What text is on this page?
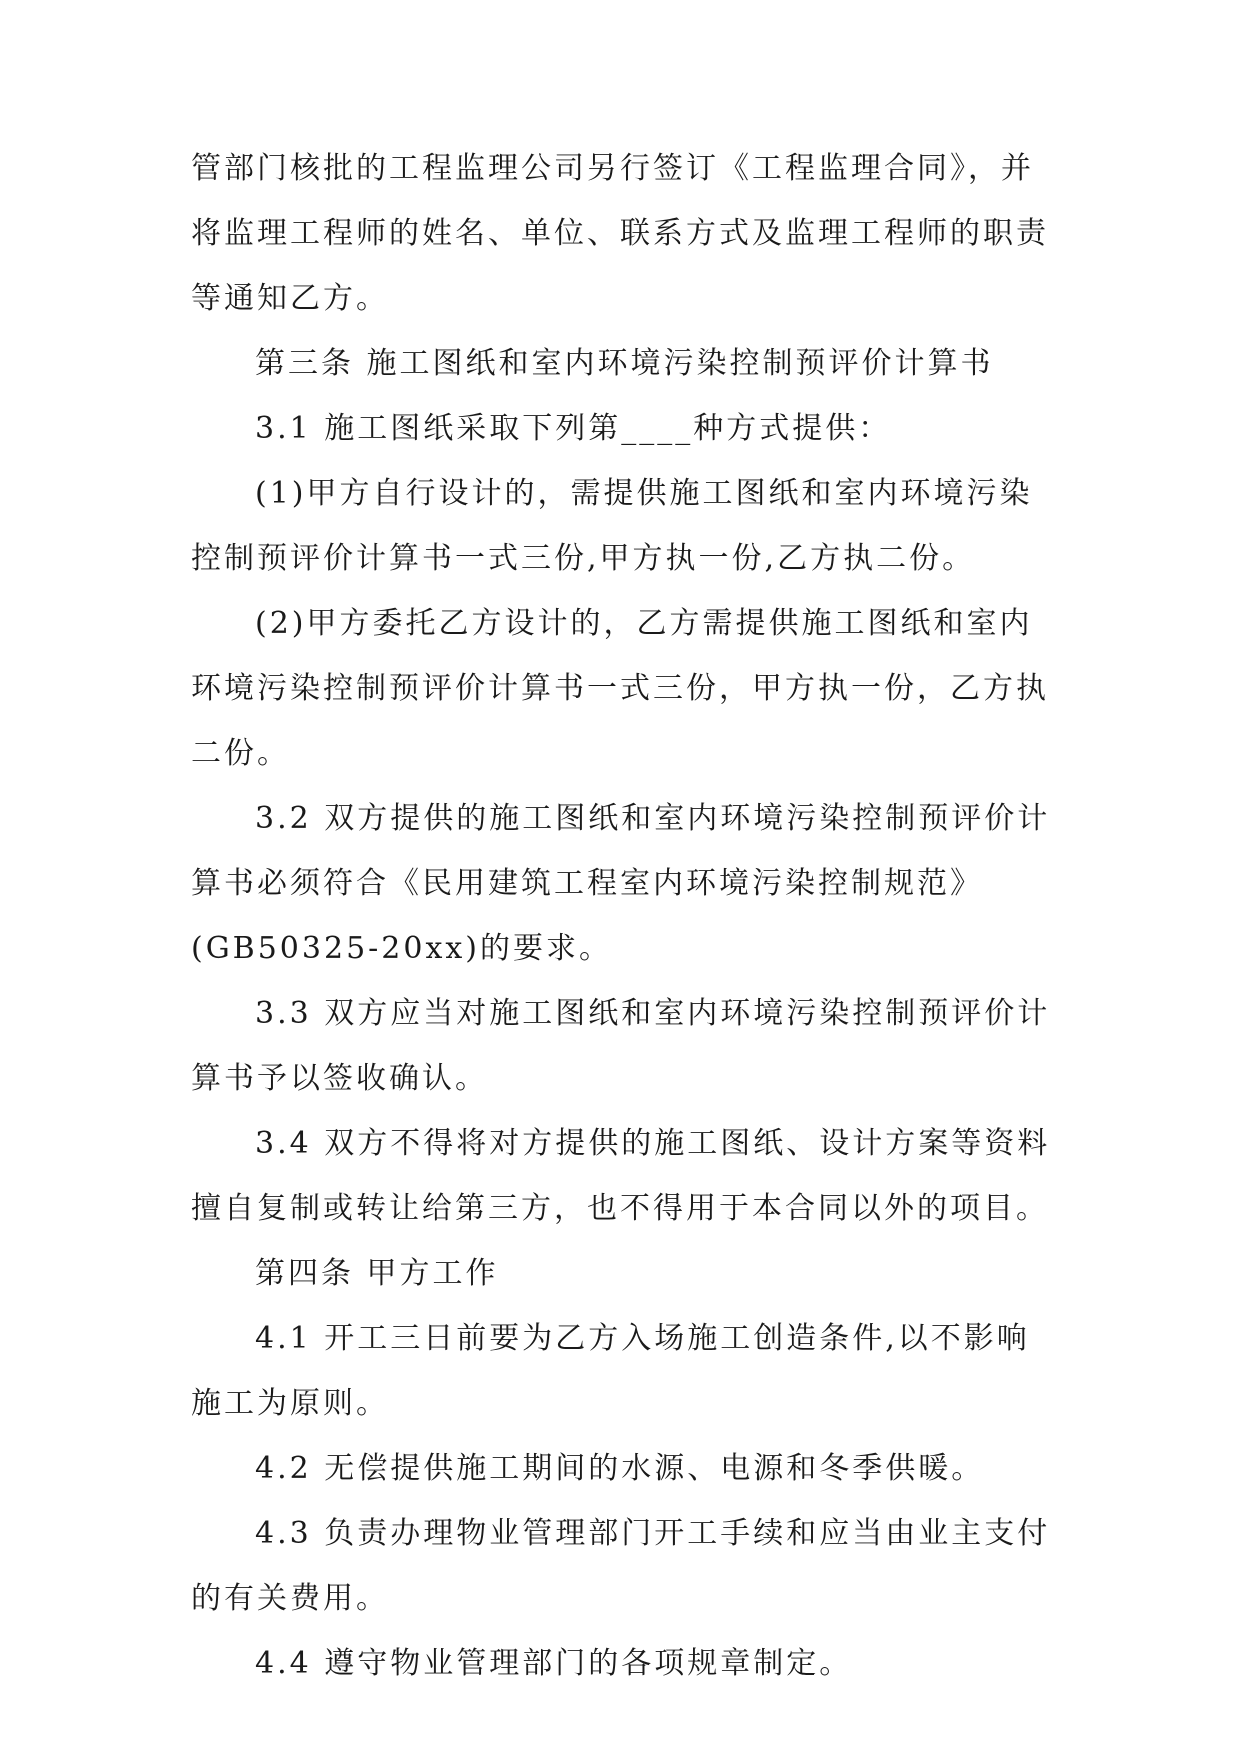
管部门核批的工程监理公司另行签订《工程监理合同》，并
将监理工程师的姓名、单位、联系方式及监理工程师的职责
等通知乙方。
第三条 施工图纸和室内环境污染控制预评价计算书
3.1 施工图纸采取下列第____种方式提供：
(1)甲方自行设计的，需提供施工图纸和室内环境污染
控制预评价计算书一式三份,甲方执一份,乙方执二份。
(2)甲方委托乙方设计的，乙方需提供施工图纸和室内
环境污染控制预评价计算书一式三份，甲方执一份，乙方执
二份。
3.2 双方提供的施工图纸和室内环境污染控制预评价计
算书必须符合《民用建筑工程室内环境污染控制规范》
(GB50325-20xx)的要求。
3.3 双方应当对施工图纸和室内环境污染控制预评价计
算书予以签收确认。
3.4 双方不得将对方提供的施工图纸、设计方案等资料
擅自复制或转让给第三方，也不得用于本合同以外的项目。
第四条 甲方工作
4.1 开工三日前要为乙方入场施工创造条件,以不影响
施工为原则。
4.2 无偿提供施工期间的水源、电源和冬季供暖。
4.3 负责办理物业管理部门开工手续和应当由业主支付
的有关费用。
4.4 遵守物业管理部门的各项规章制定。
